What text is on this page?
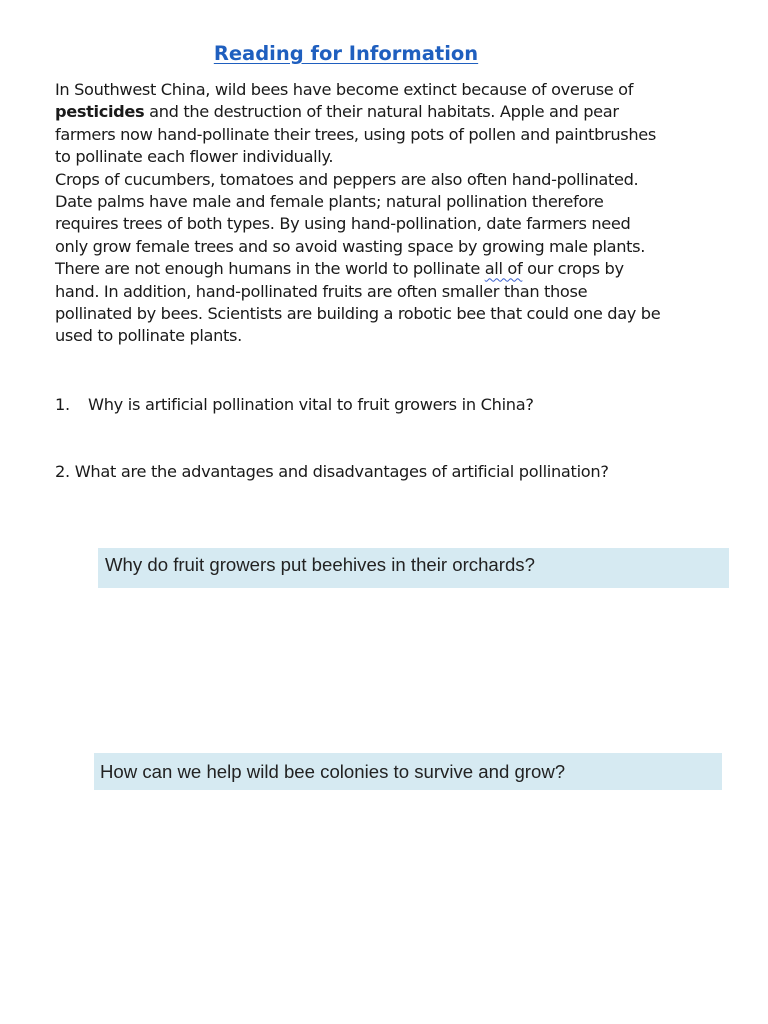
Reading for Information

In Southwest China, wild bees have become extinct because of overuse of pesticides and the destruction of their natural habitats. Apple and pear farmers now hand-pollinate their trees, using pots of pollen and paintbrushes to pollinate each flower individually.

Crops of cucumbers, tomatoes and peppers are also often hand-pollinated. Date palms have male and female plants; natural pollination therefore requires trees of both types. By using hand-pollination, date farmers need only grow female trees and so avoid wasting space by growing male plants.

There are not enough humans in the world to pollinate all of our crops by hand. In addition, hand-pollinated fruits are often smaller than those pollinated by bees. Scientists are building a robotic bee that could one day be used to pollinate plants.

1. Why is artificial pollination vital to fruit growers in China?

2. What are the advantages and disadvantages of artificial pollination?

Why do fruit growers put beehives in their orchards?
How can we help wild bee colonies to survive and grow?
